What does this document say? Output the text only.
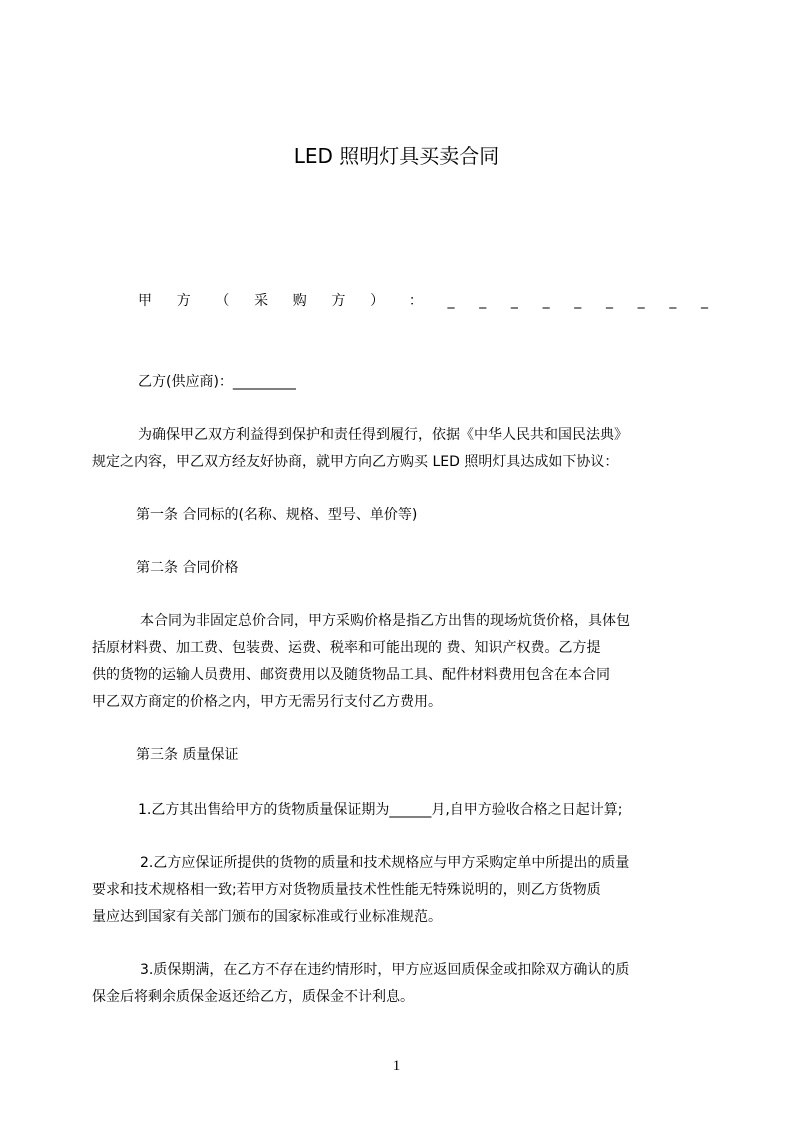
LED 照明灯具买卖合同
甲 方 （ 采 购 方 ） ： _ _ _ _ _ _ _ _ _
乙方(供应商)：_________
为确保甲乙双方利益得到保护和责任得到履行，依据《中华人民共和国民法典》
规定之内容，甲乙双方经友好协商，就甲方向乙方购买 LED 照明灯具达成如下协议：
第一条 合同标的(名称、规格、型号、单价等)
第二条 合同价格
本合同为非固定总价合同，甲方采购价格是指乙方出售的现场炕货价格，具体包
括原材料费、加工费、包装费、运费、税率和可能出现的 费、知识产权费。乙方提
供的货物的运输人员费用、邮资费用以及随货物品工具、配件材料费用包含在本合同
甲乙双方商定的价格之内，甲方无需另行支付乙方费用。
第三条 质量保证
1.乙方其出售给甲方的货物质量保证期为______月,自甲方验收合格之日起计算;
2.乙方应保证所提供的货物的质量和技术规格应与甲方采购定单中所提出的质量
要求和技术规格相一致;若甲方对货物质量技术性性能无特殊说明的，则乙方货物质
量应达到国家有关部门颁布的国家标准或行业标准规范。
3.质保期满，在乙方不存在违约情形时，甲方应返回质保金或扣除双方确认的质
保金后将剩余质保金返还给乙方，质保金不计利息。
1
